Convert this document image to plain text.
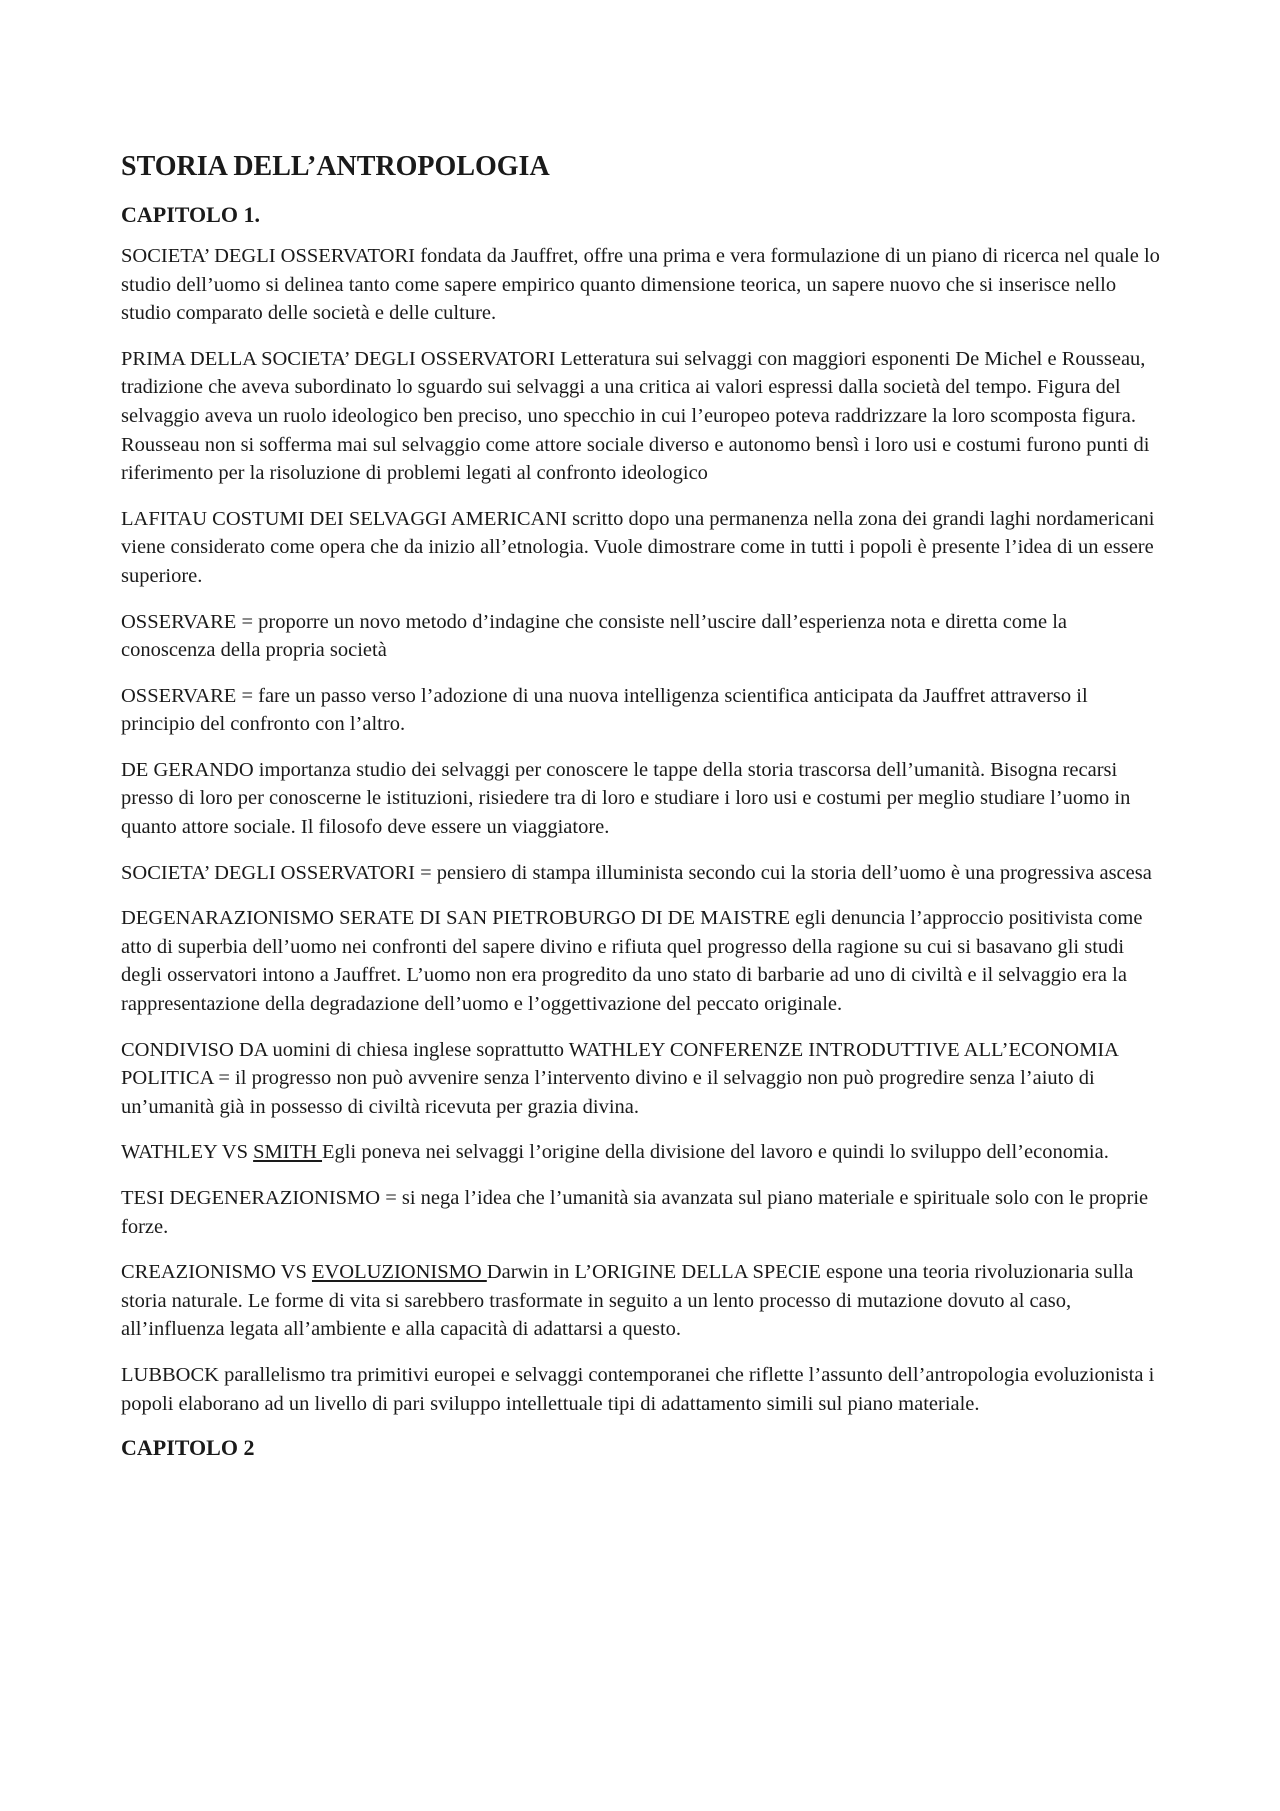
STORIA DELL’ANTROPOLOGIA
CAPITOLO 1.

SOCIETA’ DEGLI OSSERVATORI fondata da Jauffret, offre una prima e vera formulazione di un piano di ricerca nel quale lo studio dell’uomo si delinea tanto come sapere empirico quanto dimensione teorica, un sapere nuovo che si inserisce nello studio comparato delle società e delle culture.

PRIMA DELLA SOCIETA’ DEGLI OSSERVATORI Letteratura sui selvaggi con maggiori esponenti De Michel e Rousseau, tradizione che aveva subordinato lo sguardo sui selvaggi a una critica ai valori espressi dalla società del tempo. Figura del selvaggio aveva un ruolo ideologico ben preciso, uno specchio in cui l’europeo poteva raddrizzare la loro scomposta figura. Rousseau non si sofferma mai sul selvaggio come attore sociale diverso e autonomo bensì i loro usi e costumi furono punti di riferimento per la risoluzione di problemi legati al confronto ideologico

LAFITAU COSTUMI DEI SELVAGGI AMERICANI scritto dopo una permanenza nella zona dei grandi laghi nordamericani viene considerato come opera che da inizio all’etnologia. Vuole dimostrare come in tutti i popoli è presente l’idea di un essere superiore.

OSSERVARE = proporre un novo metodo d’indagine che consiste nell’uscire dall’esperienza nota e diretta come la conoscenza della propria società

OSSERVARE = fare un passo verso l’adozione di una nuova intelligenza scientifica anticipata da Jauffret attraverso il principio del confronto con l’altro.

DE GERANDO importanza studio dei selvaggi per conoscere le tappe della storia trascorsa dell’umanità. Bisogna recarsi presso di loro per conoscerne le istituzioni, risiedere tra di loro e studiare i loro usi e costumi per meglio studiare l’uomo in quanto attore sociale. Il filosofo deve essere un viaggiatore.

SOCIETA’ DEGLI OSSERVATORI = pensiero di stampa illuminista secondo cui la storia dell’uomo è una progressiva ascesa

DEGENARAZIONISMO SERATE DI SAN PIETROBURGO DI DE MAISTRE egli denuncia l’approccio positivista come atto di superbia dell’uomo nei confronti del sapere divino e rifiuta quel progresso della ragione su cui si basavano gli studi degli osservatori intono a Jauffret. L’uomo non era progredito da uno stato di barbarie ad uno di civiltà e il selvaggio era la rappresentazione della degradazione dell’uomo e l’oggettivazione del peccato originale.

CONDIVISO DA uomini di chiesa inglese soprattutto WATHLEY CONFERENZE INTRODUTTIVE ALL’ECONOMIA POLITICA = il progresso non può avvenire senza l’intervento divino e il selvaggio non può progredire senza l’aiuto di un’umanità già in possesso di civiltà ricevuta per grazia divina.

WATHLEY VS SMITH Egli poneva nei selvaggi l’origine della divisione del lavoro e quindi lo sviluppo dell’economia.

TESI DEGENERAZIONISMO = si nega l’idea che l’umanità sia avanzata sul piano materiale e spirituale solo con le proprie forze.

CREAZIONISMO VS EVOLUZIONISMO Darwin in L’ORIGINE DELLA SPECIE espone una teoria rivoluzionaria sulla storia naturale. Le forme di vita si sarebbero trasformate in seguito a un lento processo di mutazione dovuto al caso, all’influenza legata all’ambiente e alla capacità di adattarsi a questo.

LUBBOCK parallelismo tra primitivi europei e selvaggi contemporanei che riflette l’assunto dell’antropologia evoluzionista i popoli elaborano ad un livello di pari sviluppo intellettuale tipi di adattamento simili sul piano materiale.

CAPITOLO 2
